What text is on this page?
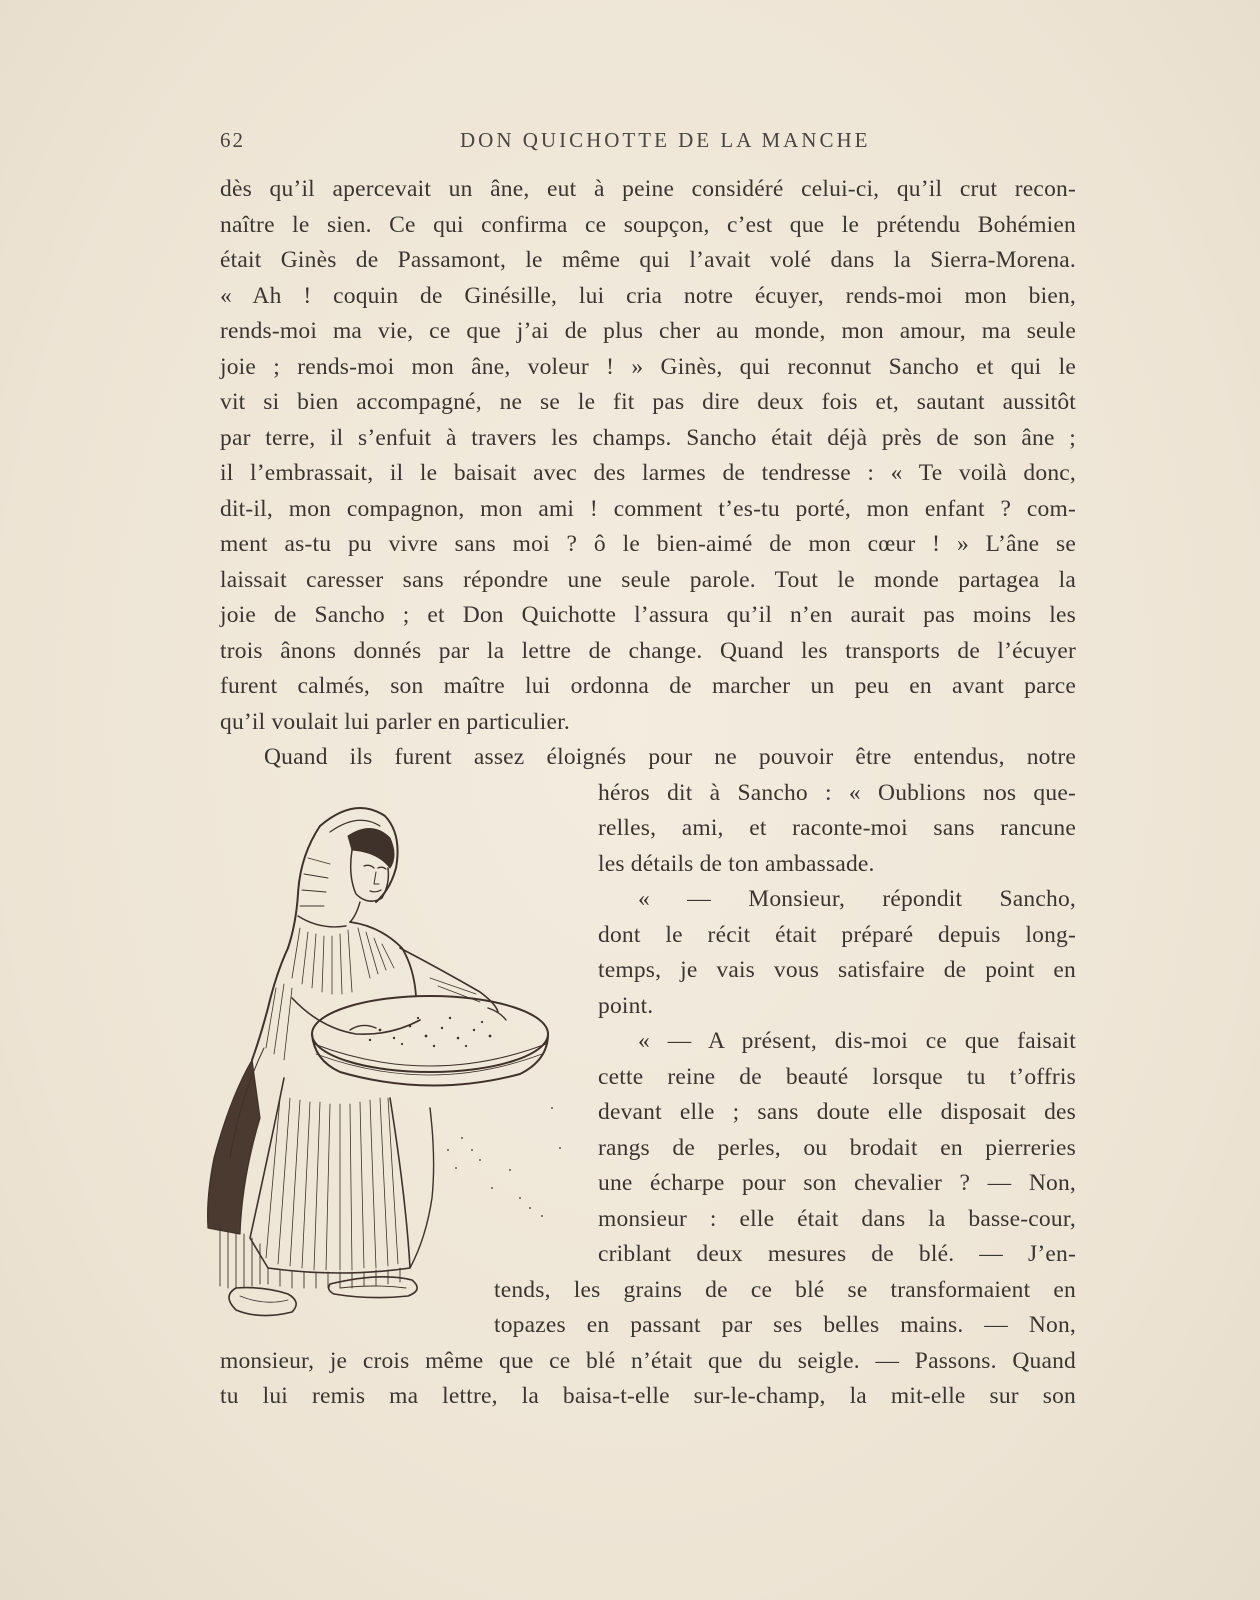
62	DON QUICHOTTE DE LA MANCHE
dès qu’il apercevait un âne, eut à peine considéré celui-ci, qu’il crut recon-
naître le sien. Ce qui confirma ce soupçon, c’est que le prétendu Bohémien
était Ginès de Passamont, le même qui l’avait volé dans la Sierra-Morena.
« Ah ! coquin de Ginésille, lui cria notre écuyer, rends-moi mon bien,
rends-moi ma vie, ce que j’ai de plus cher au monde, mon amour, ma seule
joie ; rends-moi mon âne, voleur ! » Ginès, qui reconnut Sancho et qui le
vit si bien accompagné, ne se le fit pas dire deux fois et, sautant aussitôt
par terre, il s’enfuit à travers les champs. Sancho était déjà près de son âne ;
il l’embrassait, il le baisait avec des larmes de tendresse : « Te voilà donc,
dit-il, mon compagnon, mon ami ! comment t’es-tu porté, mon enfant ? com-
ment as-tu pu vivre sans moi ? ô le bien-aimé de mon cœur ! » L’âne se
laissait caresser sans répondre une seule parole. Tout le monde partagea la
joie de Sancho ; et Don Quichotte l’assura qu’il n’en aurait pas moins les
trois ânons donnés par la lettre de change. Quand les transports de l’écuyer
furent calmés, son maître lui ordonna de marcher un peu en avant parce
qu’il voulait lui parler en particulier.
Quand ils furent assez éloignés pour ne pouvoir être entendus, notre
héros dit à Sancho : « Oublions nos que-
relles, ami, et raconte-moi sans rancune
les détails de ton ambassade.
« — Monsieur, répondit Sancho,
dont le récit était préparé depuis long-
temps, je vais vous satisfaire de point en
point.
« — A présent, dis-moi ce que faisait
cette reine de beauté lorsque tu t’offris
devant elle ; sans doute elle disposait des
rangs de perles, ou brodait en pierreries
une écharpe pour son chevalier ? — Non,
monsieur : elle était dans la basse-cour,
criblant deux mesures de blé. — J’en-
tends, les grains de ce blé se transformaient en
topazes en passant par ses belles mains. — Non,
monsieur, je crois même que ce blé n’était que du seigle. — Passons. Quand
tu lui remis ma lettre, la baisa-t-elle sur-le-champ, la mit-elle sur son
